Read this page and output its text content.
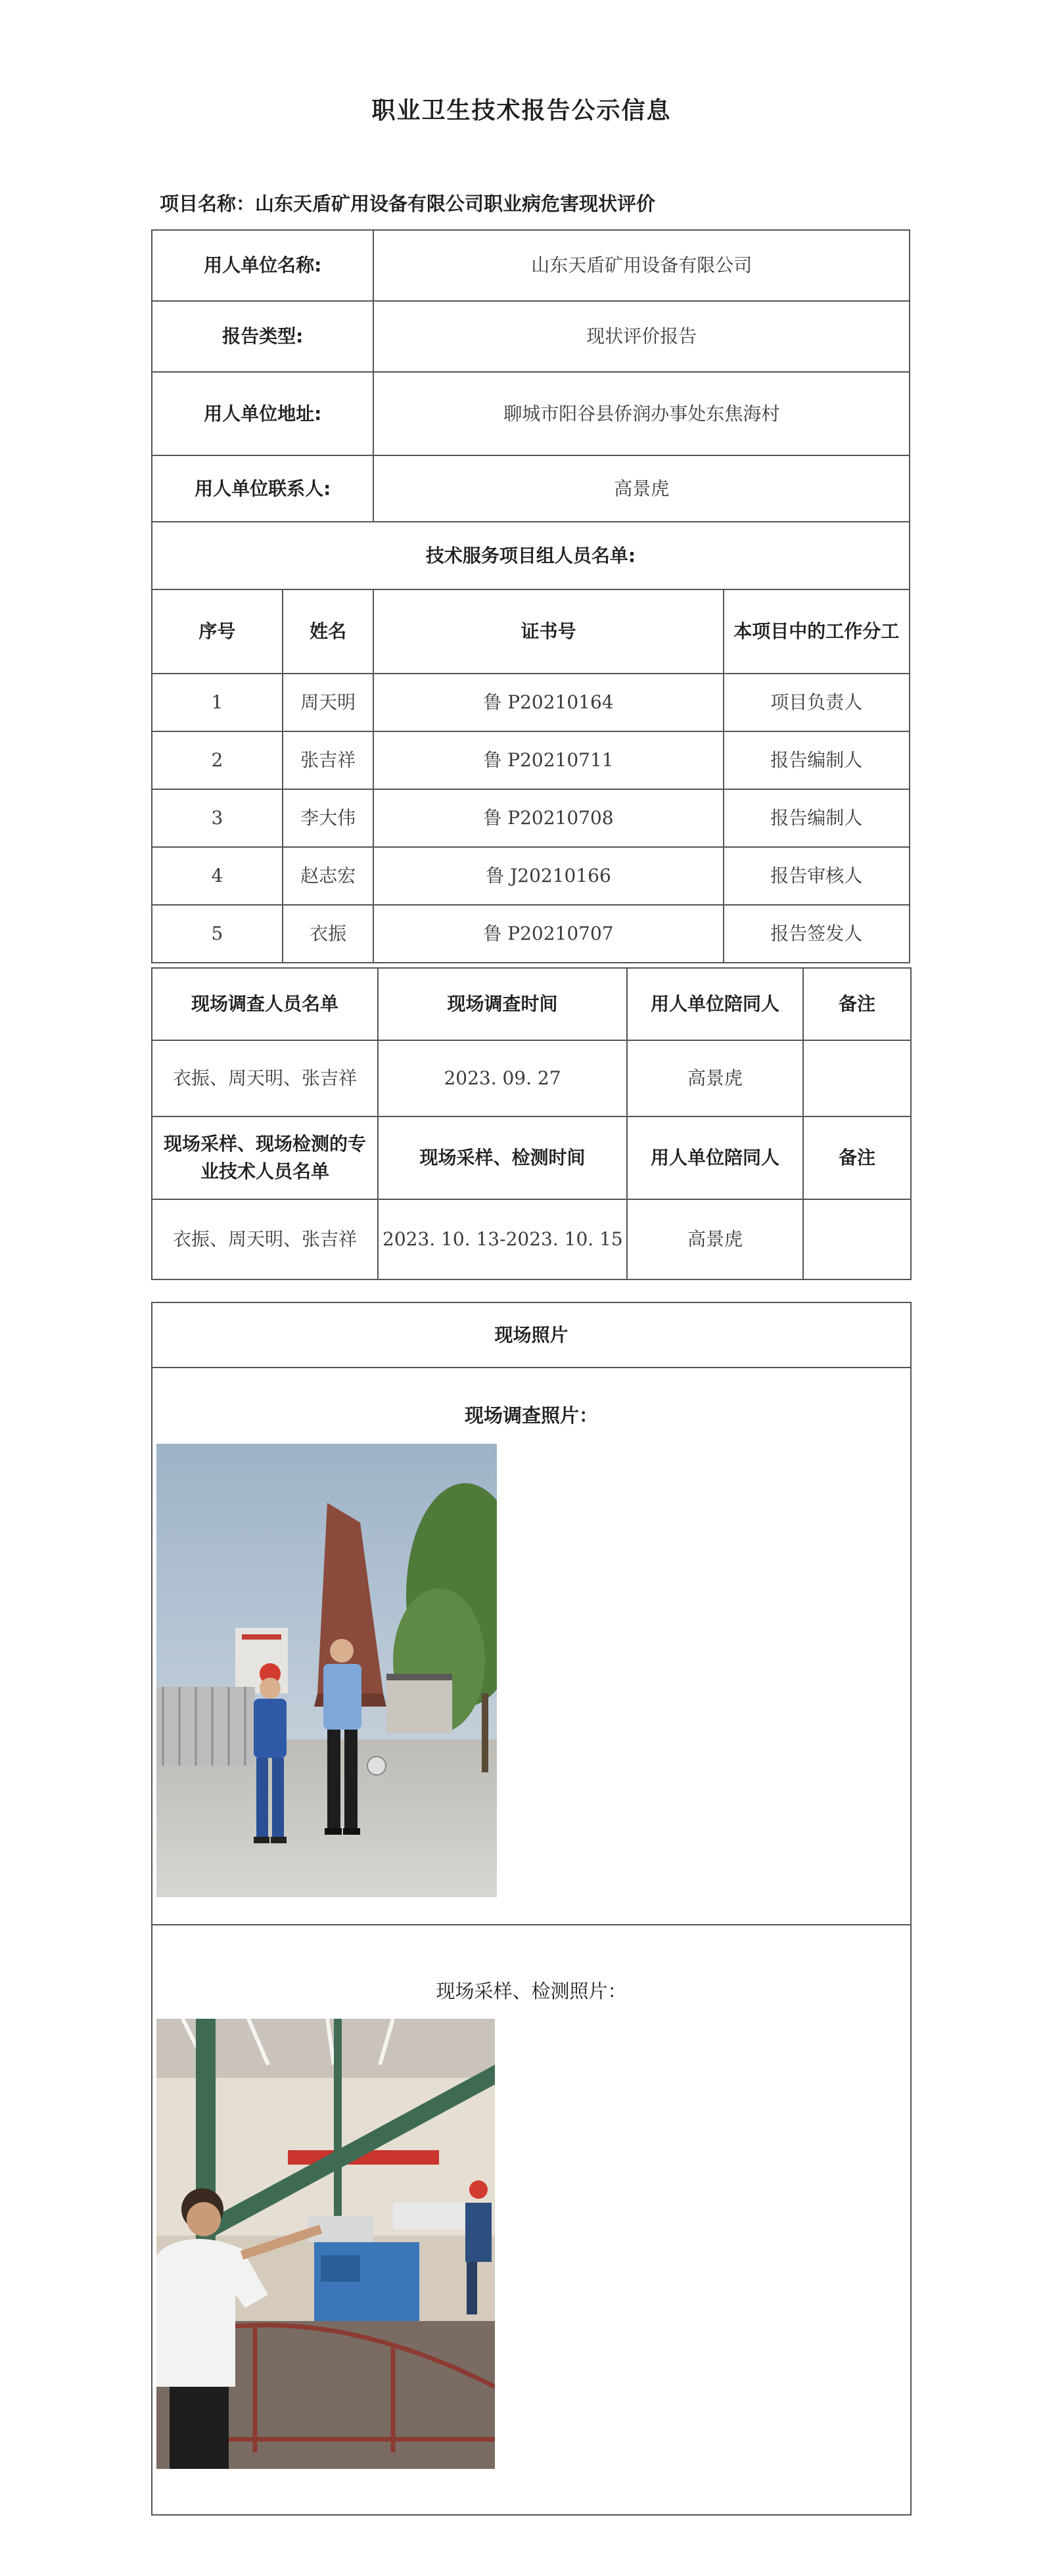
职业卫生技术报告公示信息
项目名称：山东天盾矿用设备有限公司职业病危害现状评价
用人单位名称:		山东天盾矿用设备有限公司	
报告类型:		现状评价报告	
用人单位地址:		聊城市阳谷县侨润办事处东焦海村	
用人单位联系人:		高景虎	
技术服务项目组人员名单:			
序号	姓名	证书号	本项目中的工作分工
1	周天明	鲁 P20210164	项目负责人
2	张吉祥	鲁 P20210711	报告编制人
3	李大伟	鲁 P20210708	报告编制人
4	赵志宏	鲁 J20210166	报告审核人
5	衣振	鲁 P20210707	报告签发人
现场调查人员名单	现场调查时间	用人单位陪同人	备注
衣振、周天明、张吉祥	2023. 09. 27	高景虎	
现场采样、现场检测的专业技术人员名单	现场采样、检测时间	用人单位陪同人	备注
衣振、周天明、张吉祥	2023. 10. 13-2023. 10. 15	高景虎	
现场照片

现场调查照片：

现场采样、检测照片：
